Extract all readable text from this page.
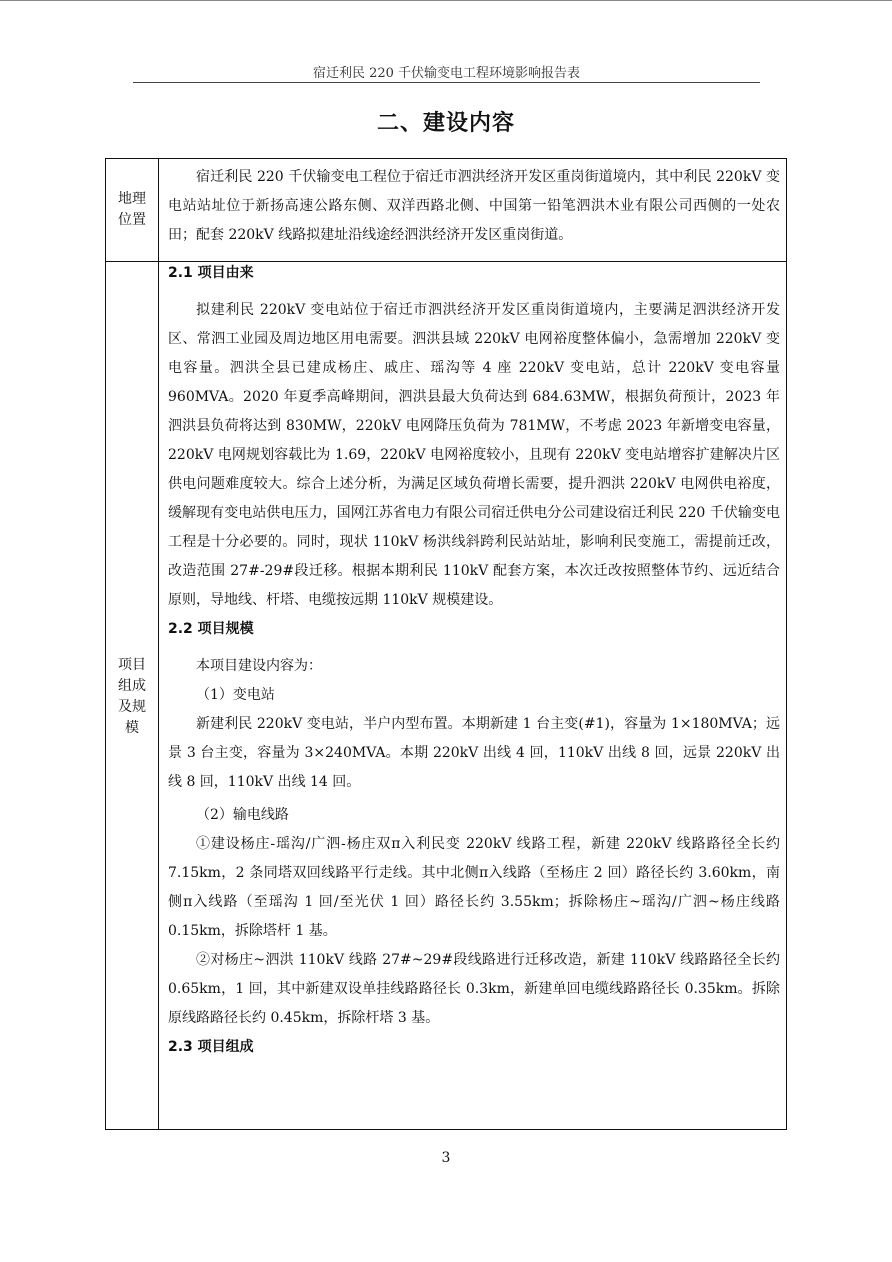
宿迁利民 220 千伏输变电工程环境影响报告表
二、建设内容
地理位置

宿迁利民 220 千伏输变电工程位于宿迁市泗洪经济开发区重岗街道境内，其中利民 220kV 变电站站址位于新扬高速公路东侧、双洋西路北侧、中国第一铅笔泗洪木业有限公司西侧的一处农田；配套 220kV 线路拟建址沿线途经泗洪经济开发区重岗街道。

项目组成及规模

2.1 项目由来

拟建利民 220kV 变电站位于宿迁市泗洪经济开发区重岗街道境内，主要满足泗洪经济开发区、常泗工业园及周边地区用电需要。泗洪县域 220kV 电网裕度整体偏小，急需增加 220kV 变电容量。泗洪全县已建成杨庄、戚庄、瑶沟等 4 座 220kV 变电站，总计 220kV 变电容量 960MVA。2020 年夏季高峰期间，泗洪县最大负荷达到 684.63MW，根据负荷预计，2023 年泗洪县负荷将达到 830MW，220kV 电网降压负荷为 781MW，不考虑 2023 年新增变电容量，220kV 电网规划容载比为 1.69，220kV 电网裕度较小，且现有 220kV 变电站增容扩建解决片区供电问题难度较大。综合上述分析，为满足区域负荷增长需要，提升泗洪 220kV 电网供电裕度，缓解现有变电站供电压力，国网江苏省电力有限公司宿迁供电分公司建设宿迁利民 220 千伏输变电工程是十分必要的。同时，现状 110kV 杨洪线斜跨利民站站址，影响利民变施工，需提前迁改，改造范围 27#-29#段迁移。根据本期利民 110kV 配套方案，本次迁改按照整体节约、远近结合原则，导地线、杆塔、电缆按远期 110kV 规模建设。

2.2 项目规模

本项目建设内容为：

（1）变电站

新建利民 220kV 变电站，半户内型布置。本期新建 1 台主变(#1)，容量为 1×180MVA；远景 3 台主变，容量为 3×240MVA。本期 220kV 出线 4 回，110kV 出线 8 回，远景 220kV 出线 8 回，110kV 出线 14 回。

（2）输电线路

①建设杨庄-瑶沟/广泗-杨庄双π入利民变 220kV 线路工程，新建 220kV 线路路径全长约 7.15km，2 条同塔双回线路平行走线。其中北侧π入线路（至杨庄 2 回）路径长约 3.60km，南侧π入线路（至瑶沟 1 回/至光伏 1 回）路径长约 3.55km；拆除杨庄~瑶沟/广泗~杨庄线路 0.15km，拆除塔杆 1 基。

②对杨庄~泗洪 110kV 线路 27#~29#段线路进行迁移改造，新建 110kV 线路路径全长约 0.65km，1 回，其中新建双设单挂线路路径长 0.3km，新建单回电缆线路路径长 0.35km。拆除原线路路径长约 0.45km，拆除杆塔 3 基。

2.3 项目组成

3
